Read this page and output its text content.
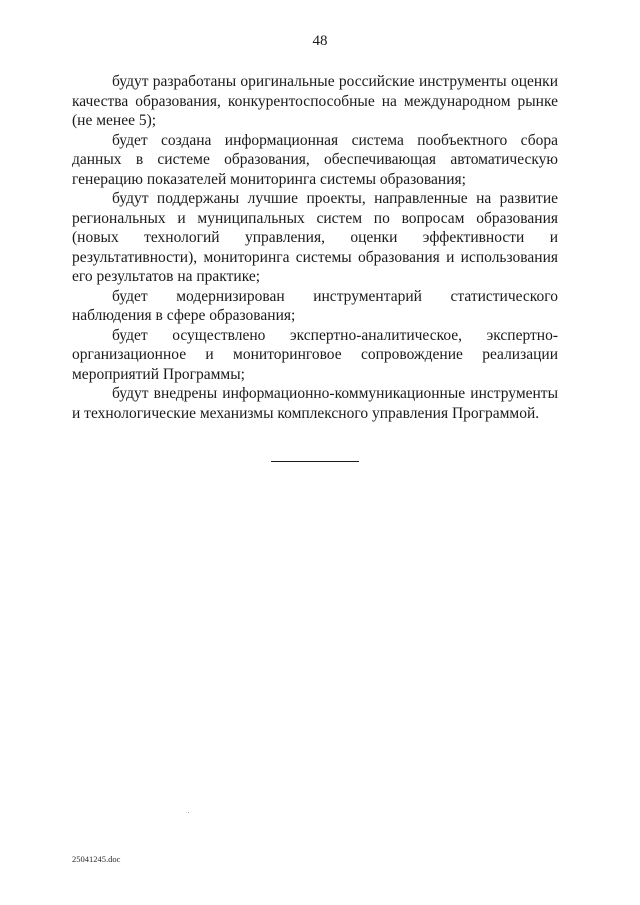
48

будут разработаны оригинальные российские инструменты оценки качества образования, конкурентоспособные на международном рынке (не менее 5);

будет создана информационная система пообъектного сбора данных в системе образования, обеспечивающая автоматическую генерацию показателей мониторинга системы образования;

будут поддержаны лучшие проекты, направленные на развитие региональных и муниципальных систем по вопросам образования (новых технологий управления, оценки эффективности и результативности), мониторинга системы образования и использования его результатов на практике;

будет модернизирован инструментарий статистического наблюдения в сфере образования;

будет осуществлено экспертно-аналитическое, экспертно-организационное и мониторинговое сопровождение реализации мероприятий Программы;

будут внедрены информационно-коммуникационные инструменты и технологические механизмы комплексного управления Программой.

25041245.doc
